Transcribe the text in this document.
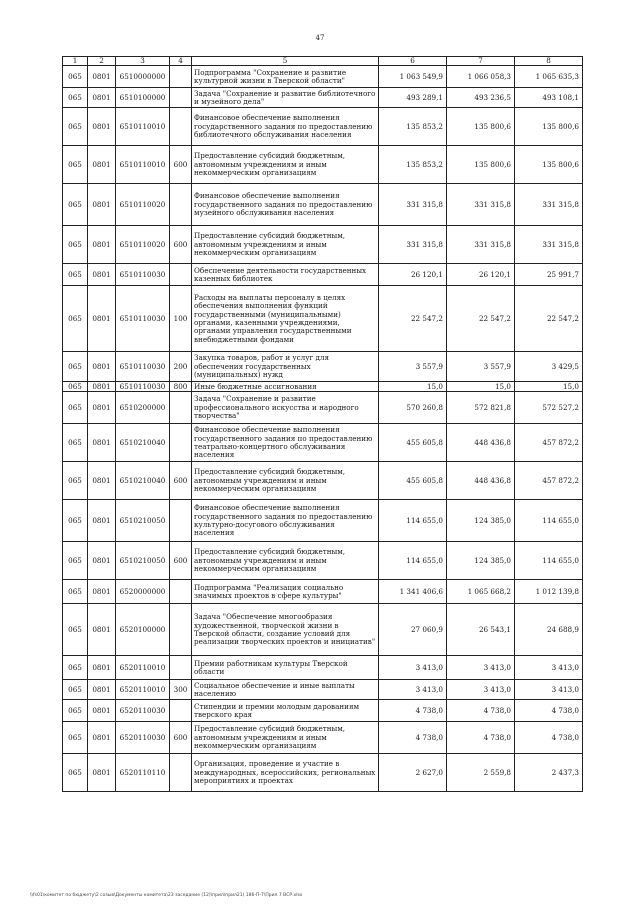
47
1	2	3	4	5	6	7	8
065	0801	6510000000		Подпрограмма "Сохранение и развитие культурной жизни в Тверской области"	1 063 549,9	1 066 058,3	1 065 635,3
065	0801	6510100000		Задача "Сохранение и развитие библиотечного и музейного дела"	493 289,1	493 236,5	493 108,1
065	0801	6510110010		Финансовое обеспечение выполнения государственного задания по предоставлению библиотечного обслуживания населения	135 853,2	135 800,6	135 800,6
065	0801	6510110010	600	Предоставление субсидий бюджетным, автономным учреждениям и иным некоммерческим организациям	135 853,2	135 800,6	135 800,6
065	0801	6510110020		Финансовое обеспечение выполнения государственного задания по предоставлению музейного обслуживания населения	331 315,8	331 315,8	331 315,8
065	0801	6510110020	600	Предоставление субсидий бюджетным, автономным учреждениям и иным некоммерческим организациям	331 315,8	331 315,8	331 315,8
065	0801	6510110030		Обеспечение деятельности государственных казенных библиотек	26 120,1	26 120,1	25 991,7
065	0801	6510110030	100	Расходы на выплаты персоналу в целях обеспечения выполнения функций государственными (муниципальными) органами, казенными учреждениями, органами управления государственными внебюджетными фондами	22 547,2	22 547,2	22 547,2
065	0801	6510110030	200	Закупка товаров, работ и услуг для обеспечения государственных (муниципальных) нужд	3 557,9	3 557,9	3 429,5
065	0801	6510110030	800	Иные бюджетные ассигнования	15,0	15,0	15,0
065	0801	6510200000		Задача "Сохранение и развитие профессионального искусства и народного творчества"	570 260,8	572 821,8	572 527,2
065	0801	6510210040		Финансовое обеспечение выполнения государственного задания по предоставлению театрально-концертного обслуживания населения	455 605,8	448 436,8	457 872,2
065	0801	6510210040	600	Предоставление субсидий бюджетным, автономным учреждениям и иным некоммерческим организациям	455 605,8	448 436,8	457 872,2
065	0801	6510210050		Финансовое обеспечение выполнения государственного задания по предоставлению культурно-досугового обслуживания населения	114 655,0	124 385,0	114 655,0
065	0801	6510210050	600	Предоставление субсидий бюджетным, автономным учреждениям и иным некоммерческим организациям	114 655,0	124 385,0	114 655,0
065	0801	6520000000		Подпрограмма "Реализация социально значимых проектов в сфере культуры"	1 341 406,6	1 065 668,2	1 012 139,8
065	0801	6520100000		Задача "Обеспечение многообразия художественной, творческой жизни в Тверской области, создание условий для реализации творческих проектов и инициатив"	27 060,9	26 543,1	24 688,9
065	0801	6520110010		Премии работникам культуры Тверской области	3 413,0	3 413,0	3 413,0
065	0801	6520110010	300	Социальное обеспечение и иные выплаты населению	3 413,0	3 413,0	3 413,0
065	0801	6520110030		Стипендии и премии молодым дарованиям тверского края	4 738,0	4 738,0	4 738,0
065	0801	6520110030	600	Предоставление субсидий бюджетным, автономным учреждениям и иным некоммерческим организациям	4 738,0	4 738,0	4 738,0
065	0801	6520110110		Организация, проведение и участие в международных, всероссийских, региональных мероприятиях и проектах	2 627,0	2 559,8	2 437,3
\\fs01\комитет по бюджету\2 созыв\Документы комитета\23 заседание (12)\прил\прил21) 186-П-7\Прил 7 ВСР.xlsx
